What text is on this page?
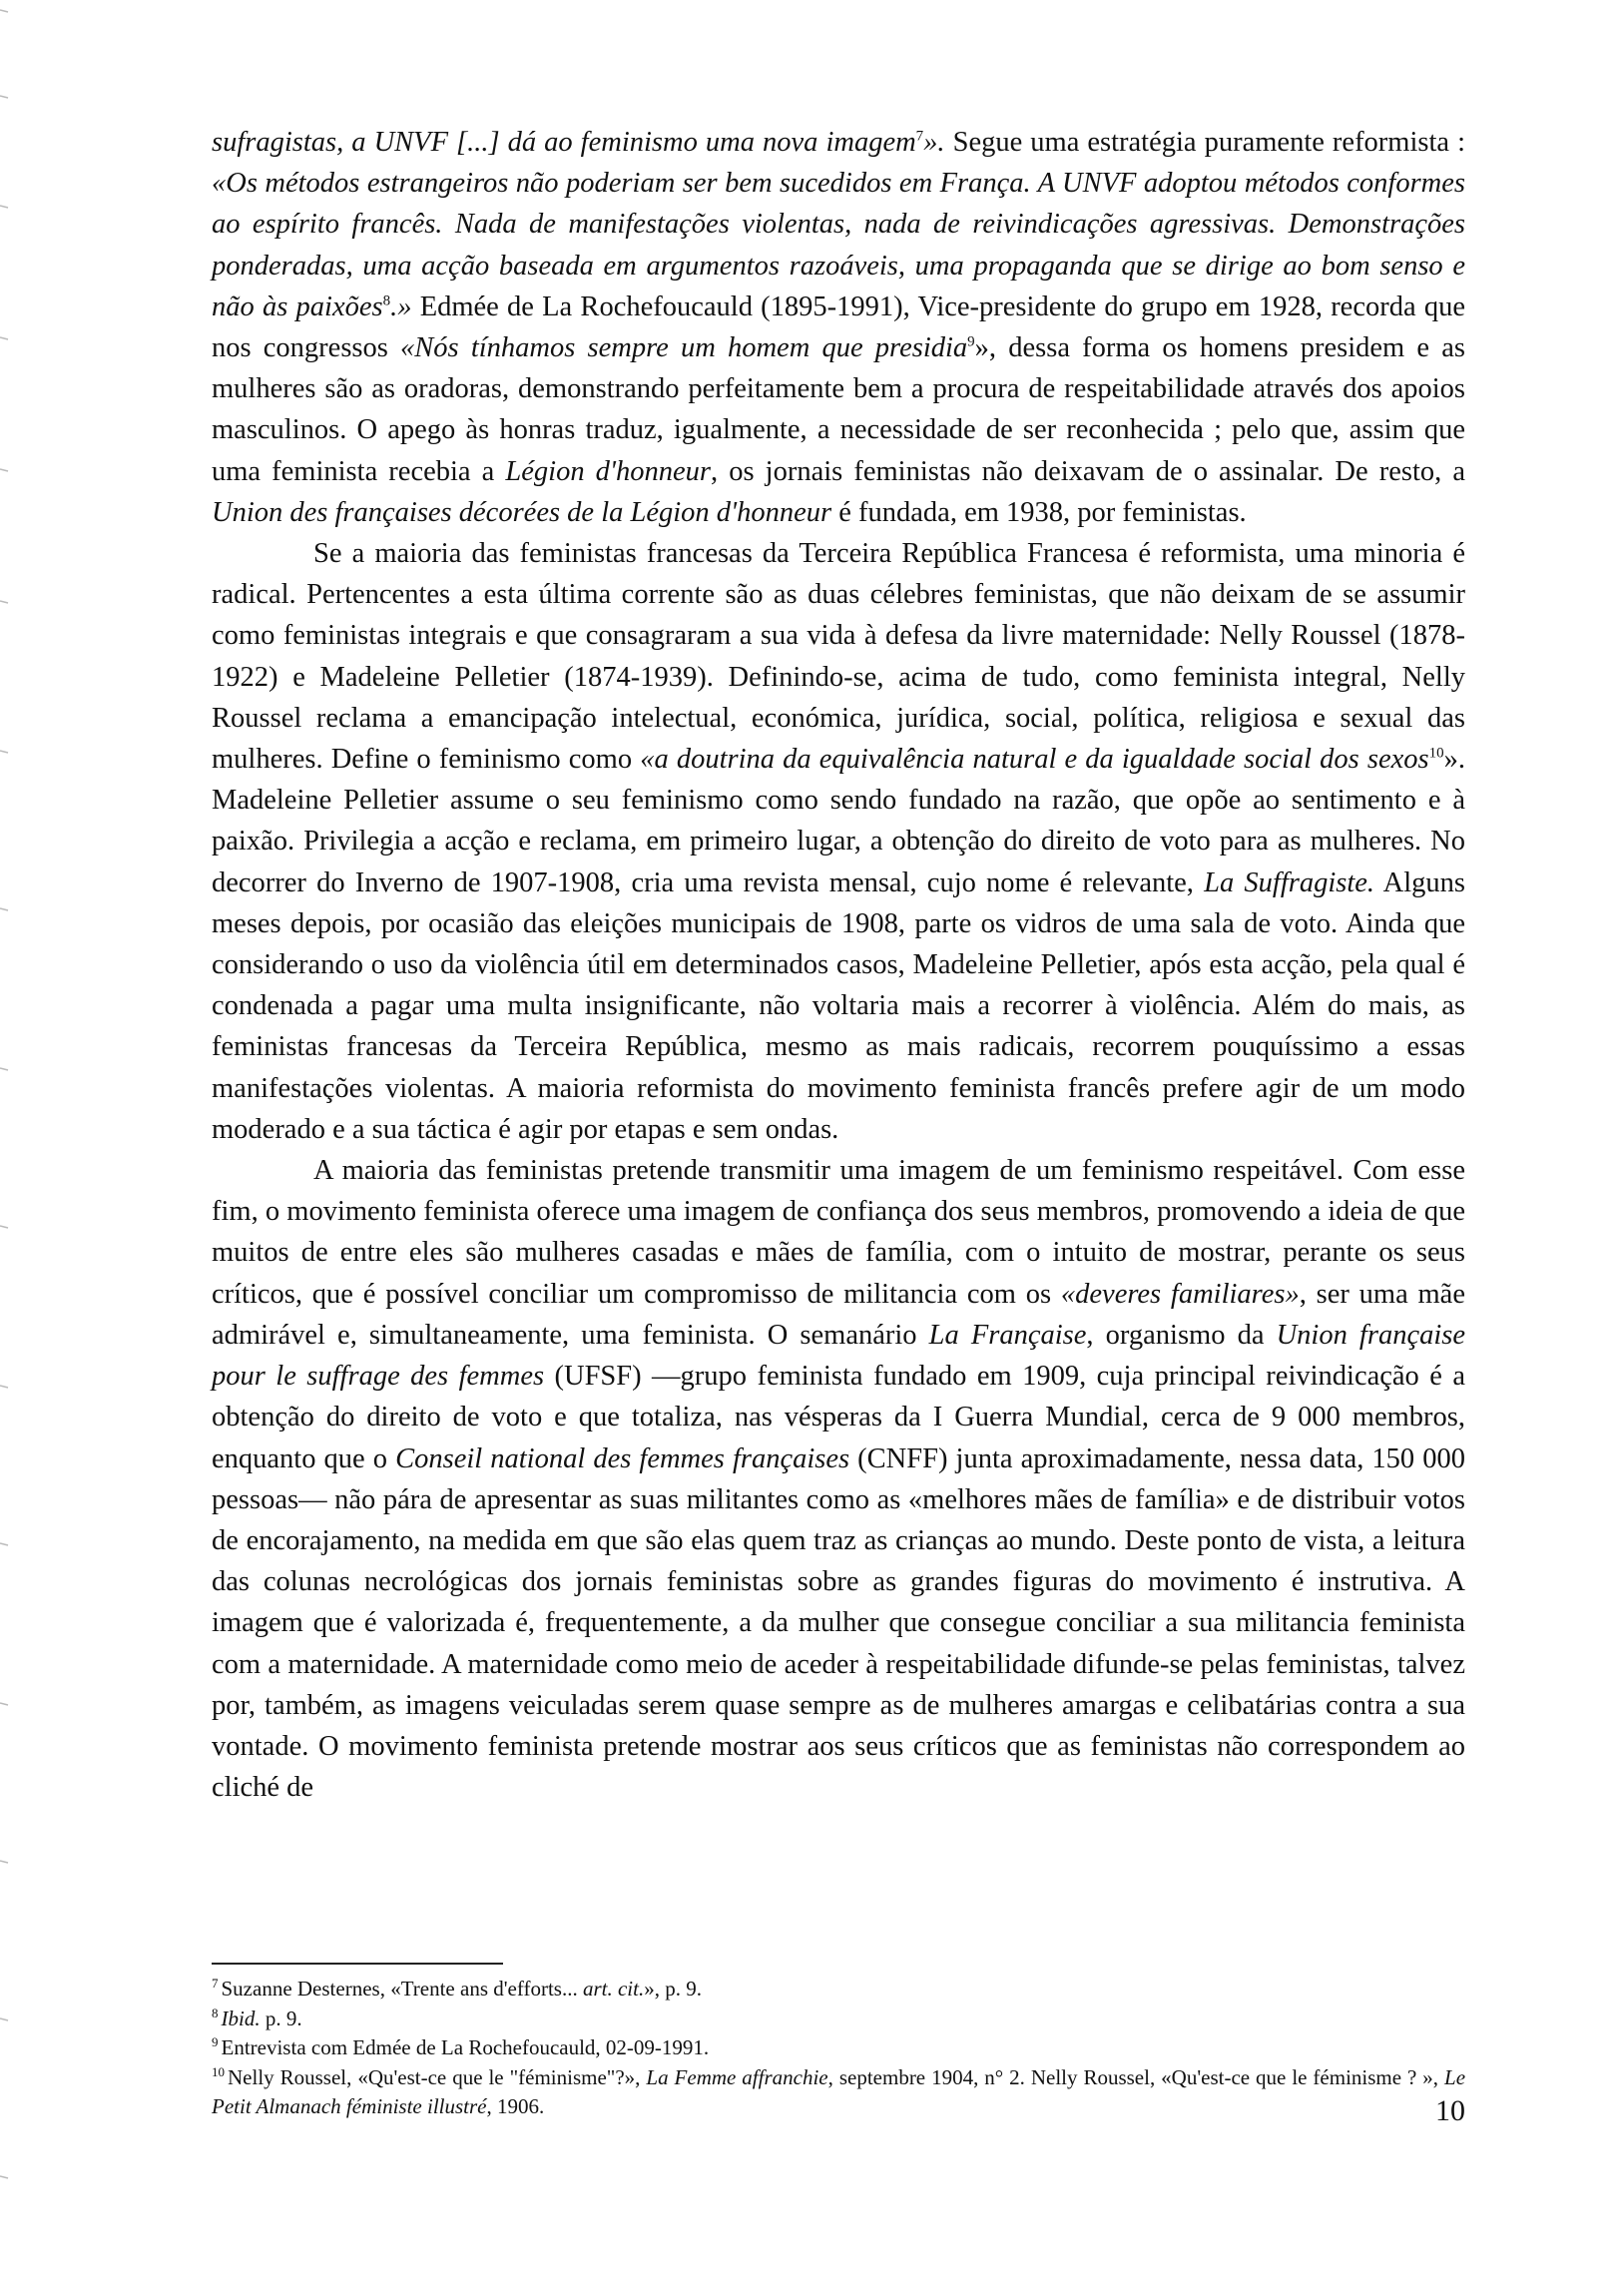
sufragistas, a UNVF [...] dá ao feminismo uma nova imagem$^7$». Segue uma estratégia puramente reformista : «Os métodos estrangeiros não poderiam ser bem sucedidos em França. A UNVF adoptou métodos conformes ao espírito francês. Nada de manifestações violentas, nada de reivindicações agressivas. Demonstrações ponderadas, uma acção baseada em argumentos razoáveis, uma propaganda que se dirige ao bom senso e não às paixões$^8$.» Edmée de La Rochefoucauld (1895-1991), Vice-presidente do grupo em 1928, recorda que nos congressos «Nós tínhamos sempre um homem que presidia$^9$», dessa forma os homens presidem e as mulheres são as oradoras, demonstrando perfeitamente bem a procura de respeitabilidade através dos apoios masculinos. O apego às honras traduz, igualmente, a necessidade de ser reconhecida ; pelo que, assim que uma feminista recebia a Légion d'honneur, os jornais feministas não deixavam de o assinalar. De resto, a Union des françaises décorées de la Légion d'honneur é fundada, em 1938, por feministas.

Se a maioria das feministas francesas da Terceira República Francesa é reformista, uma minoria é radical. Pertencentes a esta última corrente são as duas célebres feministas, que não deixam de se assumir como feministas integrais e que consagraram a sua vida à defesa da livre maternidade: Nelly Roussel (1878-1922) e Madeleine Pelletier (1874-1939). Definindo-se, acima de tudo, como feminista integral, Nelly Roussel reclama a emancipação intelectual, económica, jurídica, social, política, religiosa e sexual das mulheres. Define o feminismo como «a doutrina da equivalência natural e da igualdade social dos sexos$^{10}$». Madeleine Pelletier assume o seu feminismo como sendo fundado na razão, que opõe ao sentimento e à paixão. Privilegia a acção e reclama, em primeiro lugar, a obtenção do direito de voto para as mulheres. No decorrer do Inverno de 1907-1908, cria uma revista mensal, cujo nome é relevante, La Suffragiste. Alguns meses depois, por ocasião das eleições municipais de 1908, parte os vidros de uma sala de voto. Ainda que considerando o uso da violência útil em determinados casos, Madeleine Pelletier, após esta acção, pela qual é condenada a pagar uma multa insignificante, não voltaria mais a recorrer à violência. Além do mais, as feministas francesas da Terceira República, mesmo as mais radicais, recorrem pouquíssimo a essas manifestações violentas. A maioria reformista do movimento feminista francês prefere agir de um modo moderado e a sua táctica é agir por etapas e sem ondas.

A maioria das feministas pretende transmitir uma imagem de um feminismo respeitável. Com esse fim, o movimento feminista oferece uma imagem de confiança dos seus membros, promovendo a ideia de que muitos de entre eles são mulheres casadas e mães de família, com o intuito de mostrar, perante os seus críticos, que é possível conciliar um compromisso de militancia com os «deveres familiares», ser uma mãe admirável e, simultaneamente, uma feminista. O semanário La Française, organismo da Union française pour le suffrage des femmes (UFSF) —grupo feminista fundado em 1909, cuja principal reivindicação é a obtenção do direito de voto e que totaliza, nas vésperas da I Guerra Mundial, cerca de 9 000 membros, enquanto que o Conseil national des femmes françaises (CNFF) junta aproximadamente, nessa data, 150 000 pessoas— não pára de apresentar as suas militantes como as «melhores mães de família» e de distribuir votos de encorajamento, na medida em que são elas quem traz as crianças ao mundo. Deste ponto de vista, a leitura das colunas necrológicas dos jornais feministas sobre as grandes figuras do movimento é instrutiva. A imagem que é valorizada é, frequentemente, a da mulher que consegue conciliar a sua militancia feminista com a maternidade. A maternidade como meio de aceder à respeitabilidade difunde-se pelas feministas, talvez por, também, as imagens veiculadas serem quase sempre as de mulheres amargas e celibatárias contra a sua vontade. O movimento feminista pretende mostrar aos seus críticos que as feministas não correspondem ao cliché de

$^7$ Suzanne Desternes, «Trente ans d'efforts... art. cit.», p. 9.

$^8$ Ibid. p. 9.

$^9$ Entrevista com Edmée de La Rochefoucauld, 02-09-1991.

$^{10}$ Nelly Roussel, «Qu'est-ce que le "féminisme"?», La Femme affranchie, septembre 1904, n° 2. Nelly Roussel, «Qu'est-ce que le féminisme ? », Le Petit Almanach féministe illustré, 1906.	10
